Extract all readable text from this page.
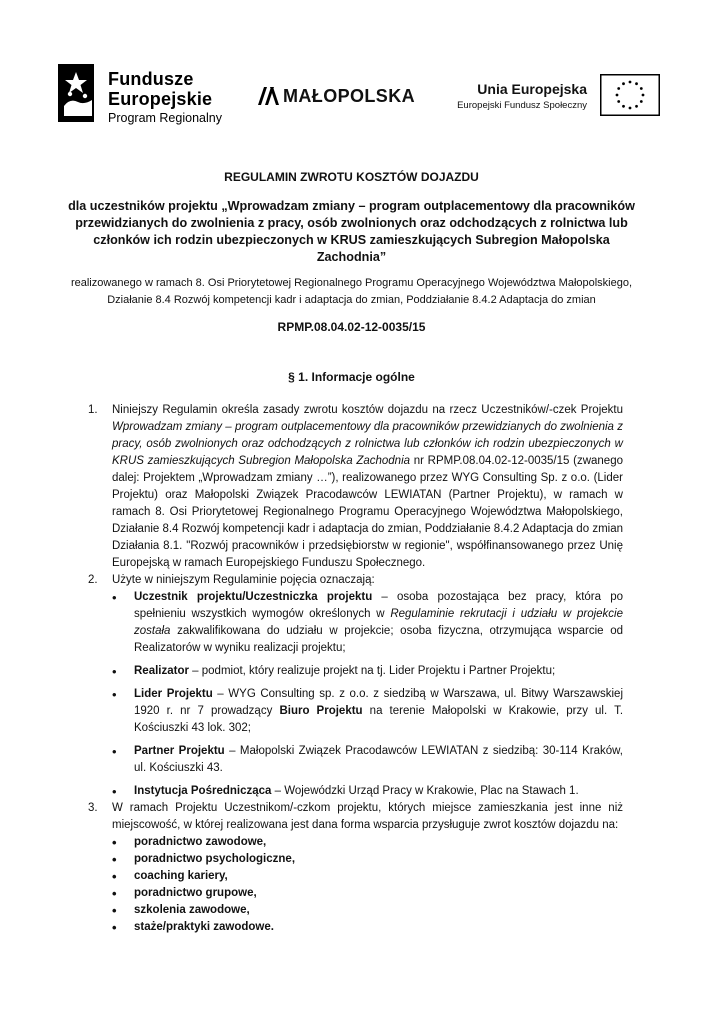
Fundusze
Europejskie
Program Regionalny
MAŁOPOLSKA	Unia Europejska
Europejski Fundusz Społeczny

REGULAMIN ZWROTU KOSZTÓW DOJAZDU

dla uczestników projektu „Wprowadzam zmiany – program outplacementowy dla pracowników przewidzianych do zwolnienia z pracy, osób zwolnionych oraz odchodzących z rolnictwa lub członków ich rodzin ubezpieczonych w KRUS zamieszkujących Subregion Małopolska Zachodnia”

realizowanego w ramach 8. Osi Priorytetowej Regionalnego Programu Operacyjnego Województwa Małopolskiego, Działanie 8.4 Rozwój kompetencji kadr i adaptacja do zmian, Poddziałanie 8.4.2 Adaptacja do zmian

RPMP.08.04.02-12-0035/15
§ 1. Informacje ogólne
1. Niniejszy Regulamin określa zasady zwrotu kosztów dojazdu na rzecz Uczestników/-czek Projektu Wprowadzam zmiany – program outplacementowy dla pracowników przewidzianych do zwolnienia z pracy, osób zwolnionych oraz odchodzących z rolnictwa lub członków ich rodzin ubezpieczonych w KRUS zamieszkujących Subregion Małopolska Zachodnia nr RPMP.08.04.02-12-0035/15 (zwanego dalej: Projektem „Wprowadzam zmiany …”), realizowanego przez WYG Consulting Sp. z o.o. (Lider Projektu) oraz Małopolski Związek Pracodawców LEWIATAN (Partner Projektu), w ramach w ramach 8. Osi Priorytetowej Regionalnego Programu Operacyjnego Województwa Małopolskiego, Działanie 8.4 Rozwój kompetencji kadr i adaptacja do zmian, Poddziałanie 8.4.2 Adaptacja do zmian Działania 8.1. "Rozwój pracowników i przedsiębiorstw w regionie", współfinansowanego przez Unię Europejską w ramach Europejskiego Funduszu Społecznego.
2. Użyte w niniejszym Regulaminie pojęcia oznaczają:
• Uczestnik projektu/Uczestniczka projektu – osoba pozostająca bez pracy, która po spełnieniu wszystkich wymogów określonych w Regulaminie rekrutacji i udziału w projekcie została zakwalifikowana do udziału w projekcie; osoba fizyczna, otrzymująca wsparcie od Realizatorów w wyniku realizacji projektu;
• Realizator – podmiot, który realizuje projekt na tj. Lider Projektu i Partner Projektu;
• Lider Projektu – WYG Consulting sp. z o.o. z siedzibą w Warszawa, ul. Bitwy Warszawskiej 1920 r. nr 7 prowadzący Biuro Projektu na terenie Małopolski w Krakowie, przy ul. T. Kościuszki 43 lok. 302;
• Partner Projektu – Małopolski Związek Pracodawców LEWIATAN z siedzibą: 30-114 Kraków, ul. Kościuszki 43.
• Instytucja Pośrednicząca – Wojewódzki Urząd Pracy w Krakowie, Plac na Stawach 1.
3. W ramach Projektu Uczestnikom/-czkom projektu, których miejsce zamieszkania jest inne niż miejscowość, w której realizowana jest dana forma wsparcia przysługuje zwrot kosztów dojazdu na:
• poradnictwo zawodowe,
• poradnictwo psychologiczne,
• coaching kariery,
• poradnictwo grupowe,
• szkolenia zawodowe,
• staże/praktyki zawodowe.
